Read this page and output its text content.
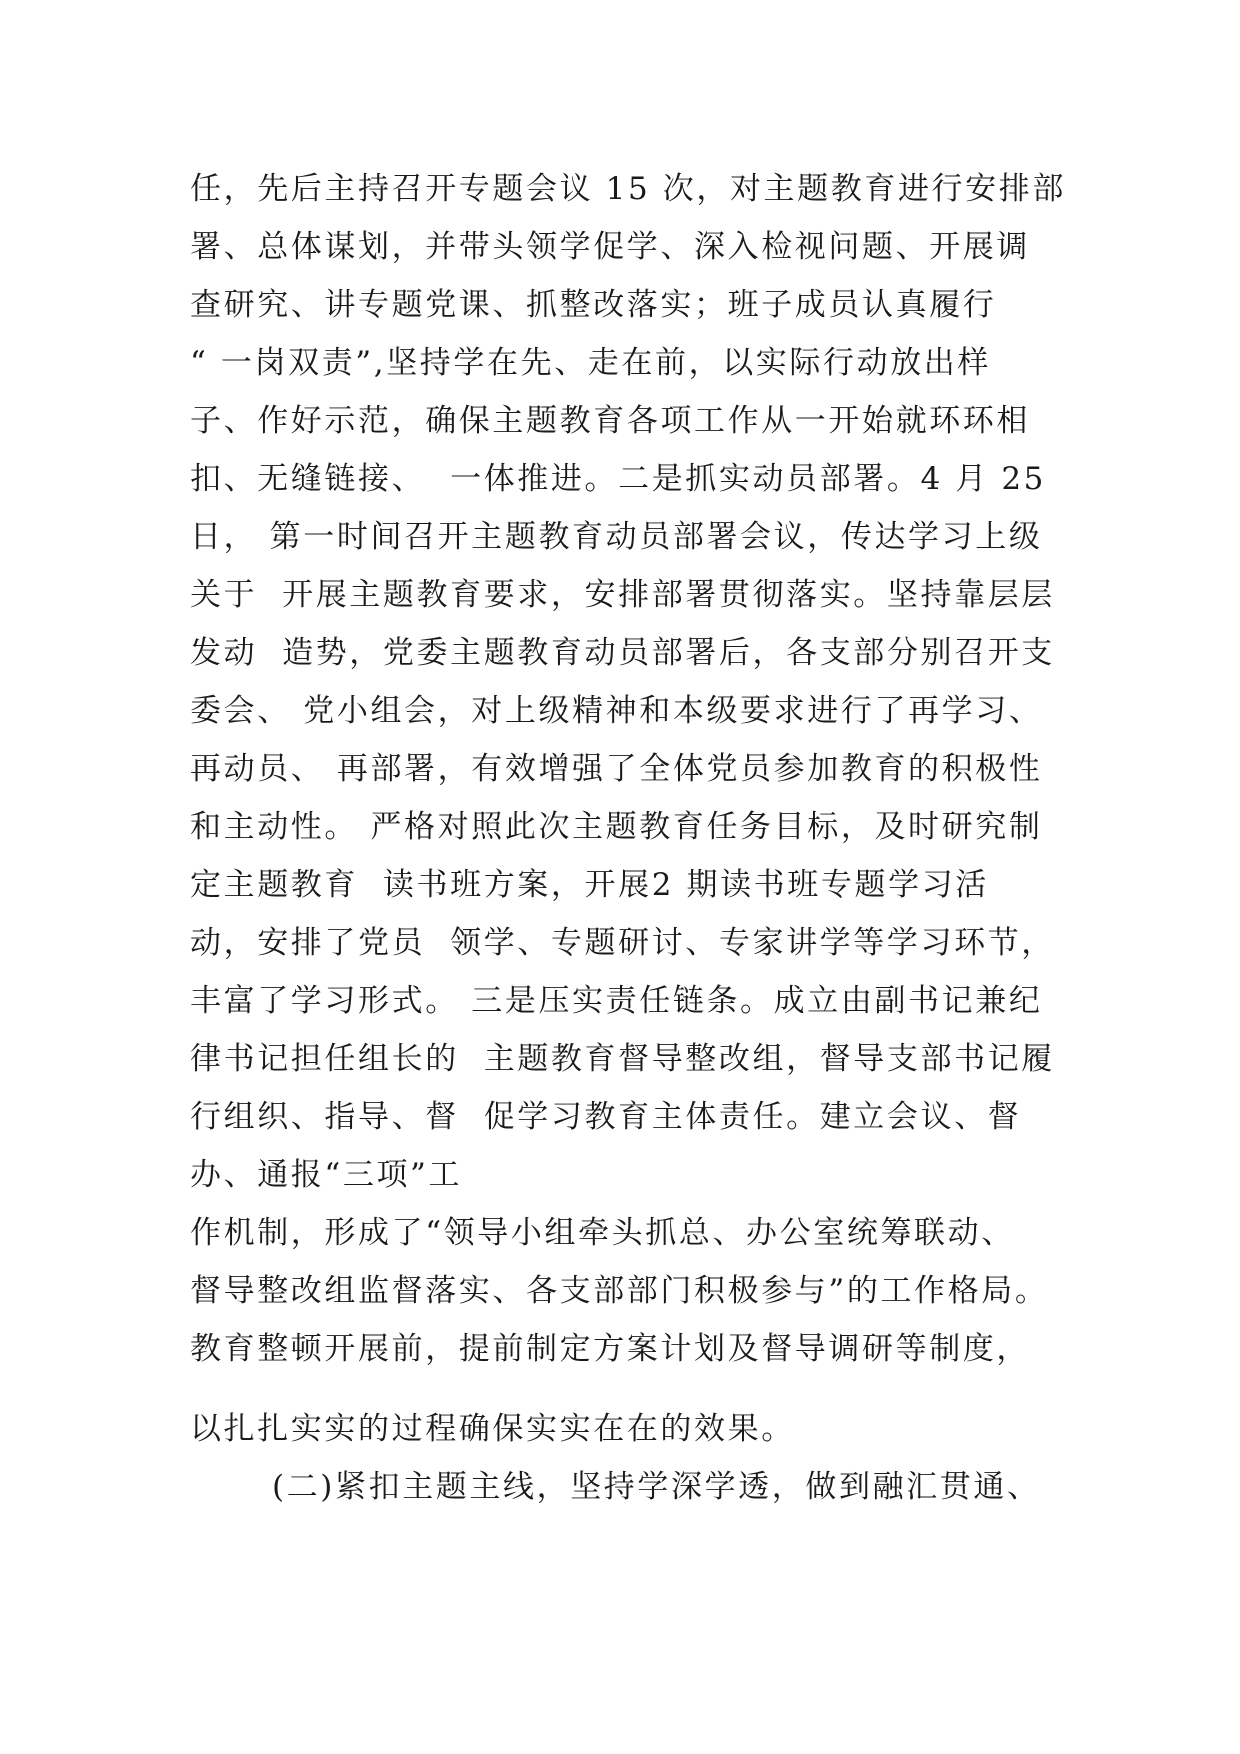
任，先后主持召开专题会议 15 次，对主题教育进行安排部
署、总体谋划，并带头领学促学、深入检视问题、开展调
查研究、讲专题党课、抓整改落实；班子成员认真履行
“ 一岗双责”,坚持学在先、走在前，以实际行动放出样
子、作好示范，确保主题教育各项工作从一开始就环环相
扣、无缝链接、  一体推进。二是抓实动员部署。4 月 25
日， 第一时间召开主题教育动员部署会议，传达学习上级
关于  开展主题教育要求，安排部署贯彻落实。坚持靠层层
发动  造势，党委主题教育动员部署后，各支部分别召开支
委会、 党小组会，对上级精神和本级要求进行了再学习、
再动员、 再部署，有效增强了全体党员参加教育的积极性
和主动性。 严格对照此次主题教育任务目标，及时研究制
定主题教育  读书班方案，开展2 期读书班专题学习活
动，安排了党员  领学、专题研讨、专家讲学等学习环节，
丰富了学习形式。 三是压实责任链条。成立由副书记兼纪
律书记担任组长的  主题教育督导整改组，督导支部书记履
行组织、指导、督  促学习教育主体责任。建立会议、督
办、通报“三项”工
作机制，形成了“领导小组牵头抓总、办公室统筹联动、
督导整改组监督落实、各支部部门积极参与”的工作格局。
教育整顿开展前，提前制定方案计划及督导调研等制度，
以扎扎实实的过程确保实实在在的效果。
(二)紧扣主题主线，坚持学深学透，做到融汇贯通、
